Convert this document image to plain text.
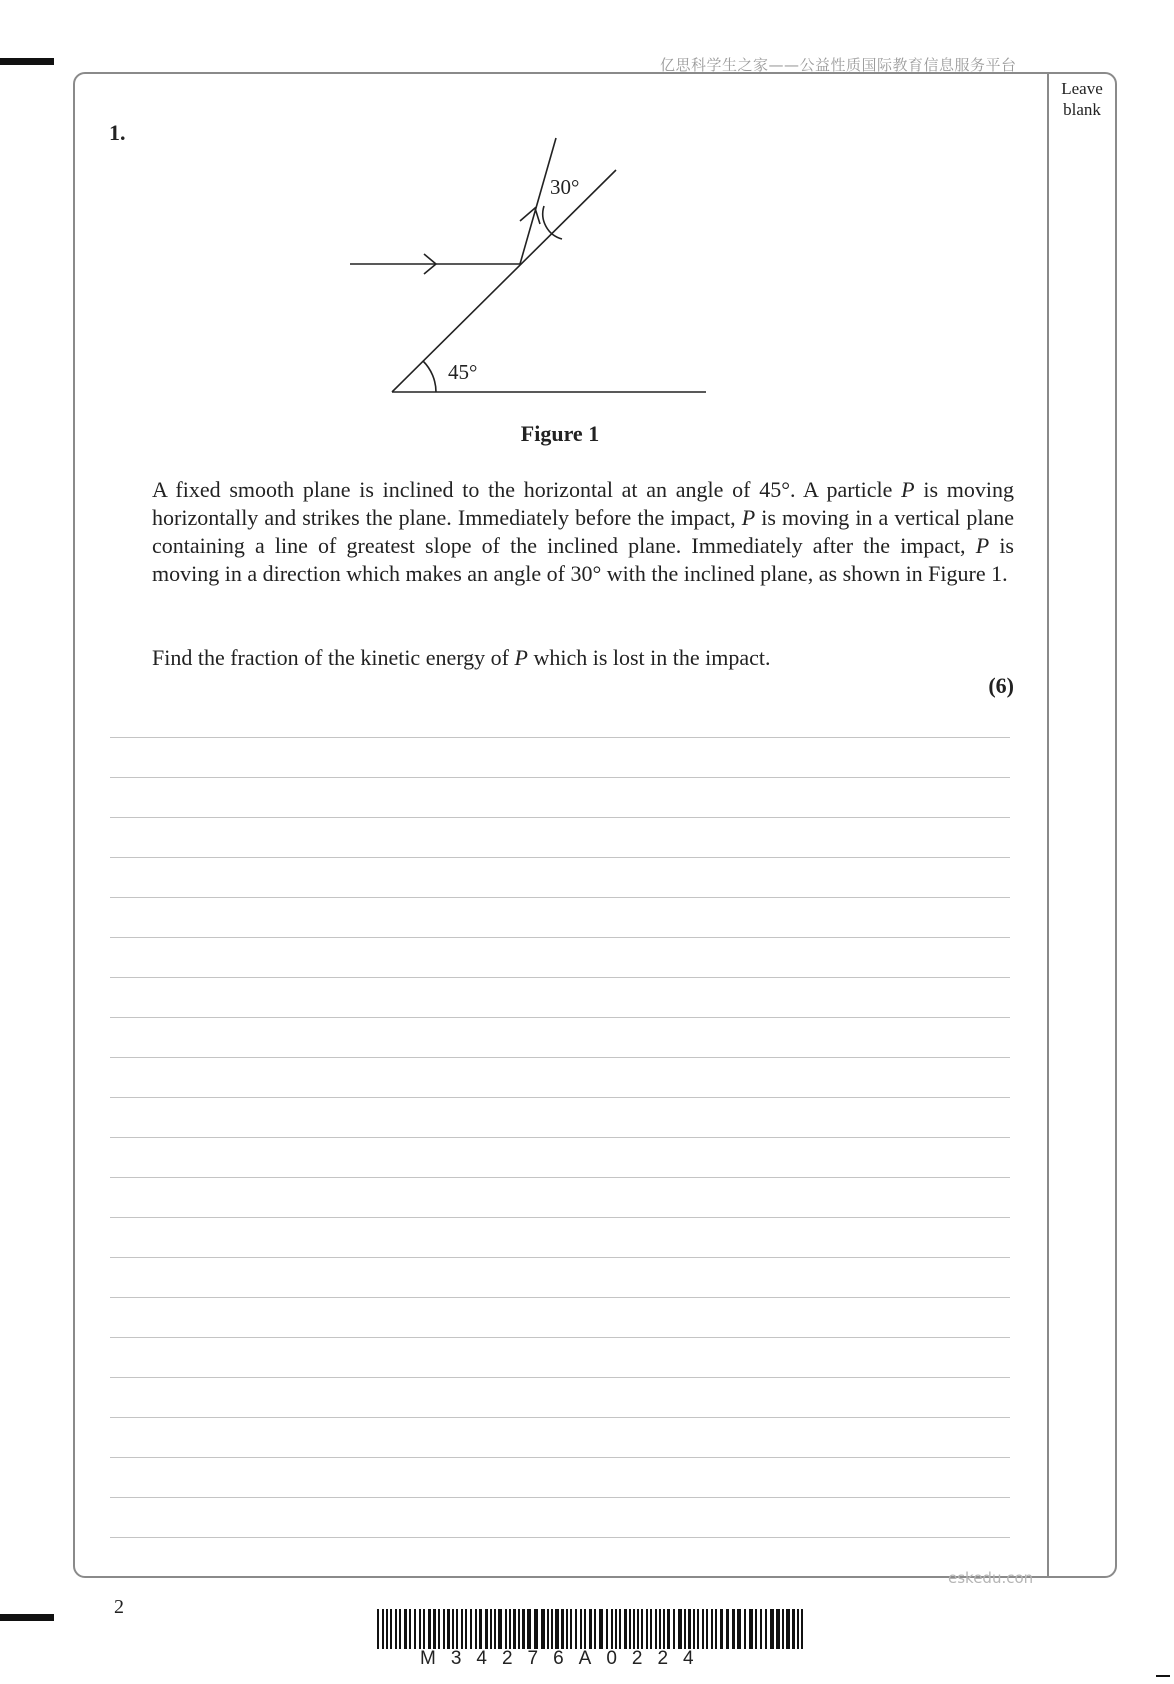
亿思科学生之家——公益性质国际教育信息服务平台
Leave
blank
1.
30°
45°
Figure 1

A fixed smooth plane is inclined to the horizontal at an angle of 45°. A particle P is moving horizontally and strikes the plane. Immediately before the impact, P is moving in a vertical plane containing a line of greatest slope of the inclined plane. Immediately after the impact, P is moving in a direction which makes an angle of 30° with the inclined plane, as shown in Figure 1.

Find the fraction of the kinetic energy of P which is lost in the impact.

(6)
eskedu.con
2
M34276A0224
